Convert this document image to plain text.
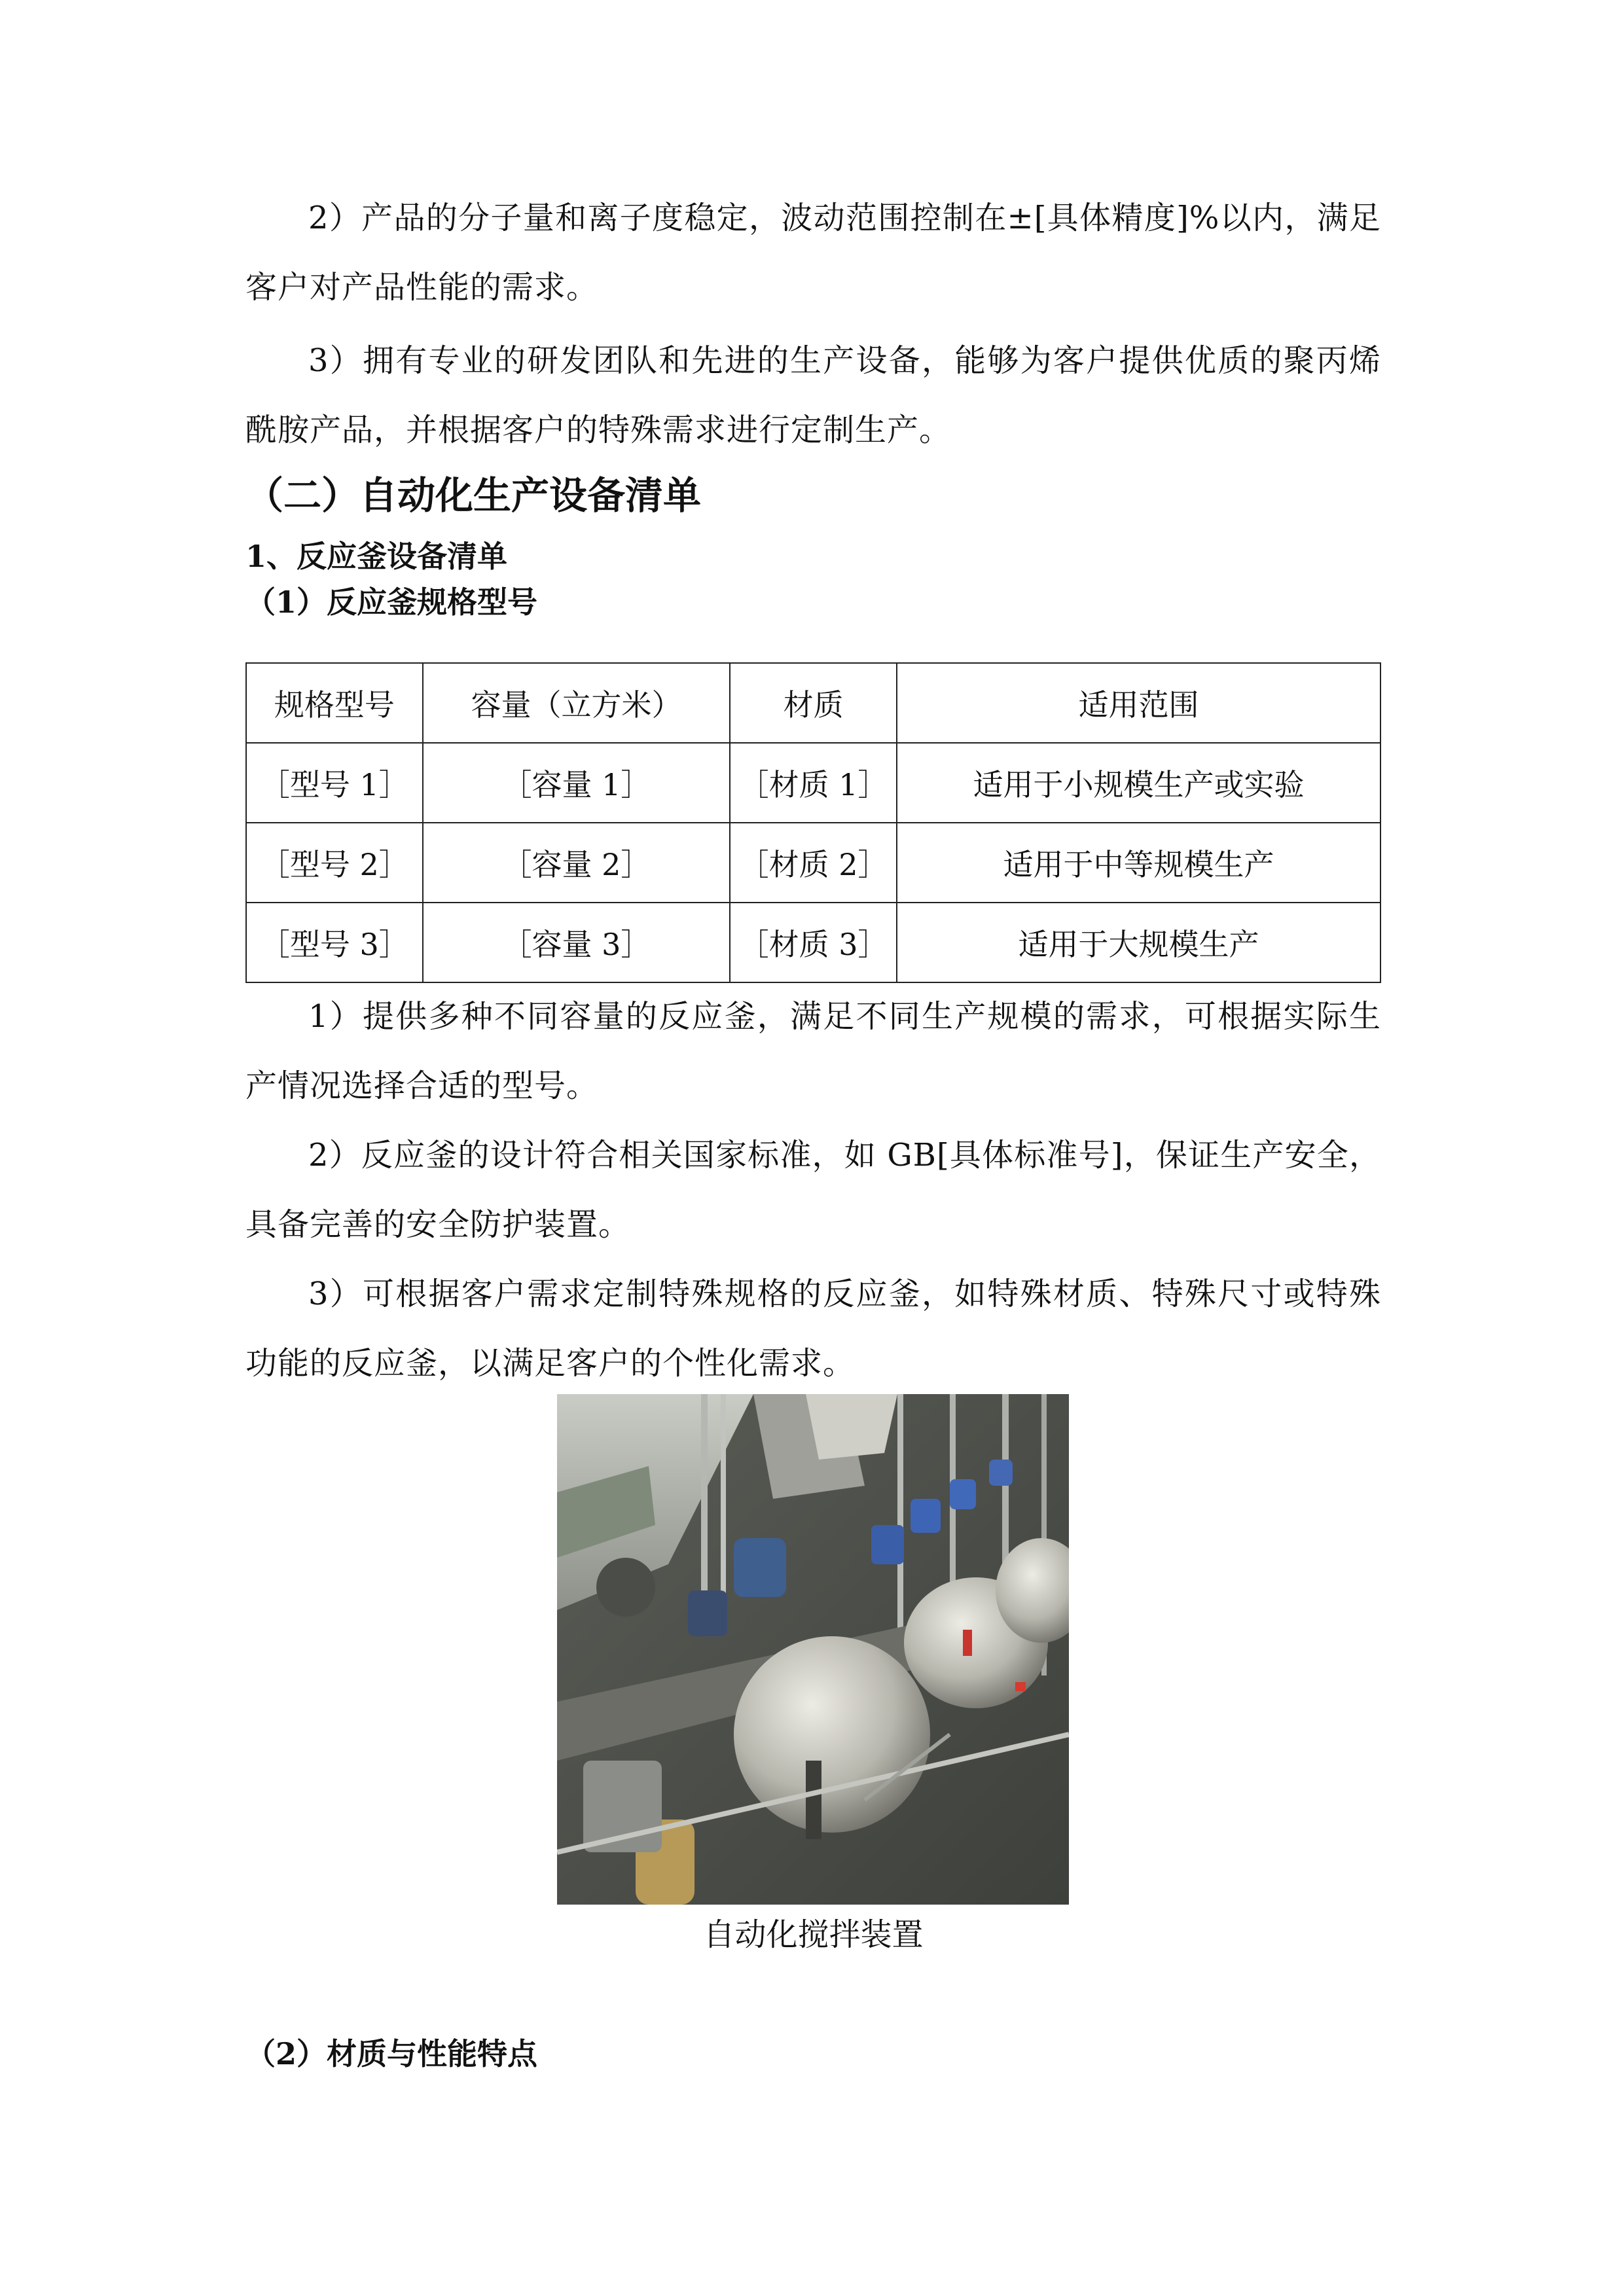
2）产品的分子量和离子度稳定，波动范围控制在±[具体精度]%以内，满足客户对产品性能的需求。

3）拥有专业的研发团队和先进的生产设备，能够为客户提供优质的聚丙烯酰胺产品，并根据客户的特殊需求进行定制生产。

（二）自动化生产设备清单
1、反应釜设备清单
（1）反应釜规格型号
规格型号	容量（立方米）	材质	适用范围
［型号 1］	［容量 1］	［材质 1］	适用于小规模生产或实验
［型号 2］	［容量 2］	［材质 2］	适用于中等规模生产
［型号 3］	［容量 3］	［材质 3］	适用于大规模生产

1）提供多种不同容量的反应釜，满足不同生产规模的需求，可根据实际生产情况选择合适的型号。

2）反应釜的设计符合相关国家标准，如 GB[具体标准号]，保证生产安全，具备完善的安全防护装置。

3）可根据客户需求定制特殊规格的反应釜，如特殊材质、特殊尺寸或特殊功能的反应釜，以满足客户的个性化需求。

自动化搅拌装置
（2）材质与性能特点
